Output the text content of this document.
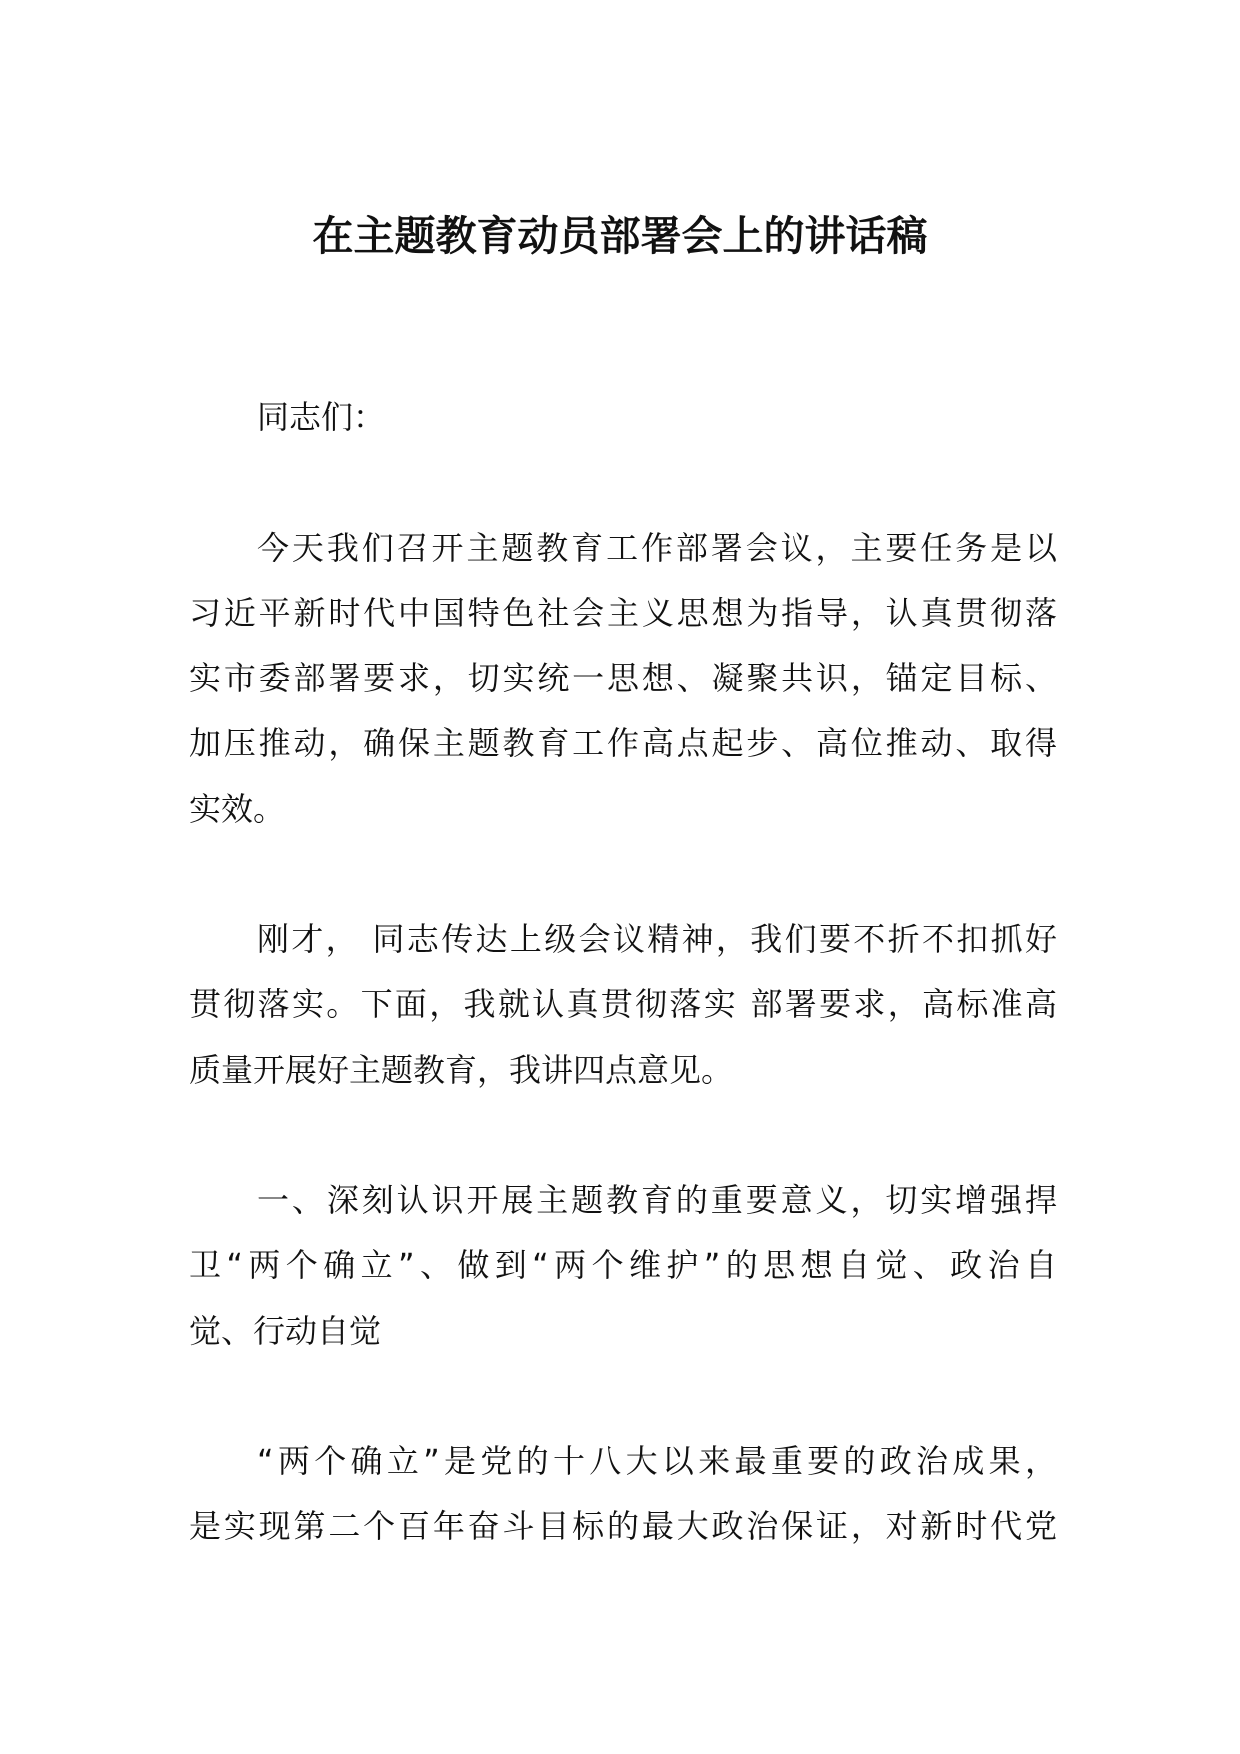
在主题教育动员部署会上的讲话稿
同志们：
今天我们召开主题教育工作部署会议，主要任务是以
习近平新时代中国特色社会主义思想为指导，认真贯彻落
实市委部署要求，切实统一思想、凝聚共识，锚定目标、
加压推动，确保主题教育工作高点起步、高位推动、取得
实效。
刚才， 同志传达上级会议精神，我们要不折不扣抓好
贯彻落实。下面，我就认真贯彻落实 部署要求，高标准高
质量开展好主题教育，我讲四点意见。
一、深刻认识开展主题教育的重要意义，切实增强捍
卫“两个确立”、做到“两个维护”的思想自觉、政治自
觉、行动自觉
“两个确立”是党的十八大以来最重要的政治成果，
是实现第二个百年奋斗目标的最大政治保证，对新时代党
